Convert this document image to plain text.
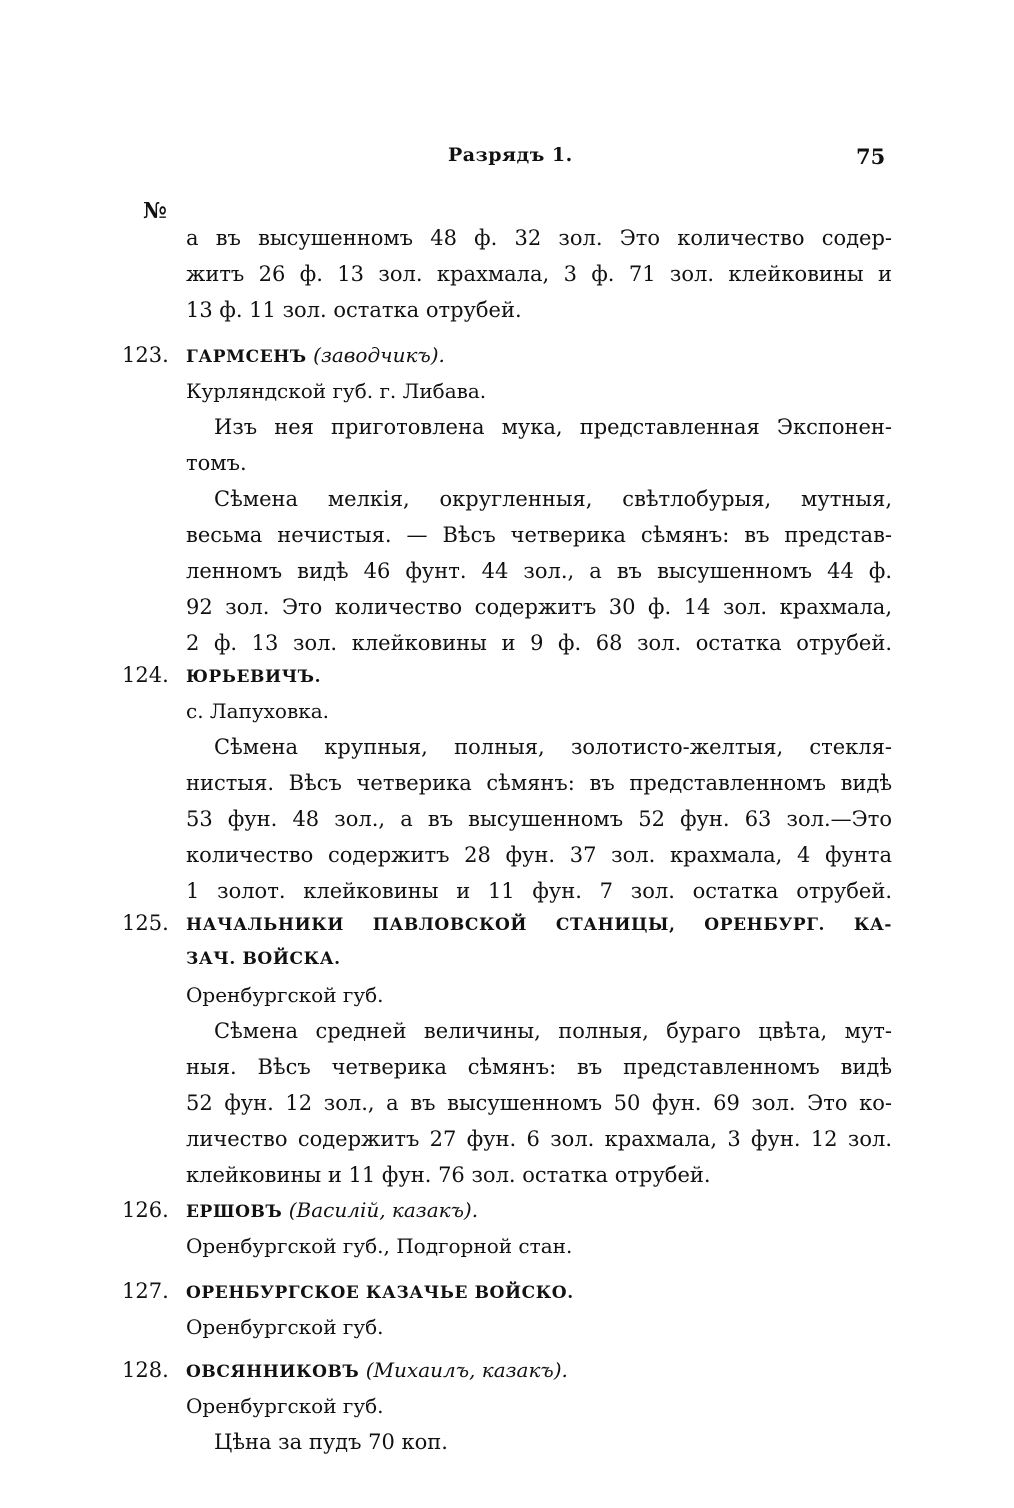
Разрядъ 1.	75
№
а въ высушенномъ 48 ф. 32 зол. Это количество содер-
житъ 26 ф. 13 зол. крахмала, 3 ф. 71 зол. клейковины и
13 ф. 11 зол. остатка отрубей.
123.	ГАРМСЕНЪ (заводчикъ).
Курляндской губ. г. Либава.
Изъ нея приготовлена мука, представленная Экспонен-
томъ.
Сѣмена мелкія, округленныя, свѣтлобурыя, мутныя,
весьма нечистыя. — Вѣсъ четверика сѣмянъ: въ представ-
ленномъ видѣ 46 фунт. 44 зол., а въ высушенномъ 44 ф.
92 зол. Это количество содержитъ 30 ф. 14 зол. крахмала,
2 ф. 13 зол. клейковины и 9 ф. 68 зол. остатка отрубей.
124.	ЮРЬЕВИЧЪ.
с. Лапуховка.
Сѣмена крупныя, полныя, золотисто-желтыя, стекля-
нистыя. Вѣсъ четверика сѣмянъ: въ представленномъ видѣ
53 фун. 48 зол., а въ высушенномъ 52 фун. 63 зол.—Это
количество содержитъ 28 фун. 37 зол. крахмала, 4 фунта
1 золот. клейковины и 11 фун. 7 зол. остатка отрубей.
125.	НАЧАЛЬНИКИ ПАВЛОВСКОЙ СТАНИЦЫ, ОРЕНБУРГ. КА-
ЗАЧ. ВОЙСКА.
Оренбургской губ.
Сѣмена средней величины, полныя, бураго цвѣта, мут-
ныя. Вѣсъ четверика сѣмянъ: въ представленномъ видѣ
52 фун. 12 зол., а въ высушенномъ 50 фун. 69 зол. Это ко-
личество содержитъ 27 фун. 6 зол. крахмала, 3 фун. 12 зол.
клейковины и 11 фун. 76 зол. остатка отрубей.
126.	ЕРШОВЪ (Василій, казакъ).
Оренбургской губ., Подгорной стан.
127.	ОРЕНБУРГСКОЕ КАЗАЧЬЕ ВОЙСКО.
Оренбургской губ.
128.	ОВСЯННИКОВЪ (Михаилъ, казакъ).
Оренбургской губ.
Цѣна за пудъ 70 коп.
